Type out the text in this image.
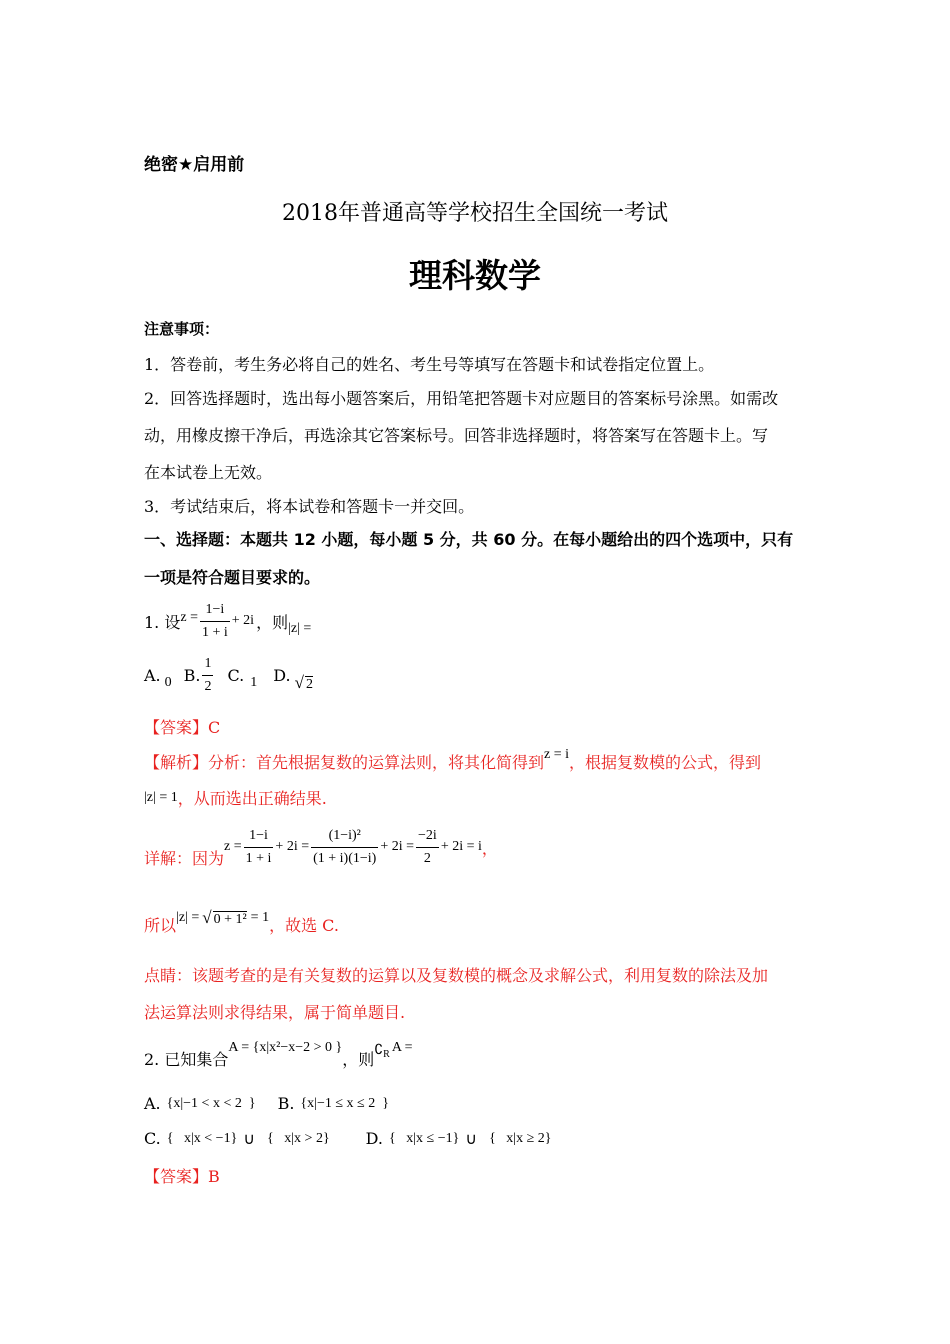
绝密★启用前
2018年普通高等学校招生全国统一考试
理科数学
注意事项：
1．答卷前，考生务必将自己的姓名、考生号等填写在答题卡和试卷指定位置上。
2．回答选择题时，选出每小题答案后，用铅笔把答题卡对应题目的答案标号涂黑。如需改
动，用橡皮擦干净后，再选涂其它答案标号。回答非选择题时，将答案写在答题卡上。写
在本试卷上无效。
3．考试结束后，将本试卷和答题卡一并交回。
一、选择题：本题共 12 小题，每小题 5 分，共 60 分。在每小题给出的四个选项中，只有
一项是符合题目要求的。
1. 设 $z = \frac{1-i}{1 + i} + 2i$ ，则 |z| =
A. 0 B. $\frac{1}{2} C$. 1 D. √ 2
【答案】C
【解析】分析：首先根据复数的运算法则，将其化简得到 z = i ，根据复数模的公式，得到
|z| = 1 ，从而选出正确结果.
详解：因为
$z = \frac{1-i}{1 + i} + 2i = \frac{\text{(1−i)²}}{(1 + i)(1-i)} + 2i = \frac{-2i}{2} + 2i = i$ ，
所以 |z| = √ 0 + 1² = 1 ，故选 C.
点睛：该题考查的是有关复数的运算以及复数模的概念及求解公式，利用复数的除法及加
法运算法则求得结果，属于简单题目.
2. 已知集合
A = {x|x²−x−2 > 0 }
，则 ∁ R A =
A. {x|−1 < x < 2  } B. {x|−1 ≤ x ≤ 2  }
C. {   x|x < −1} ∪ {   x|x > 2} D. {   x|x ≤ −1} ∪ {   x|x ≥ 2}
【答案】B
